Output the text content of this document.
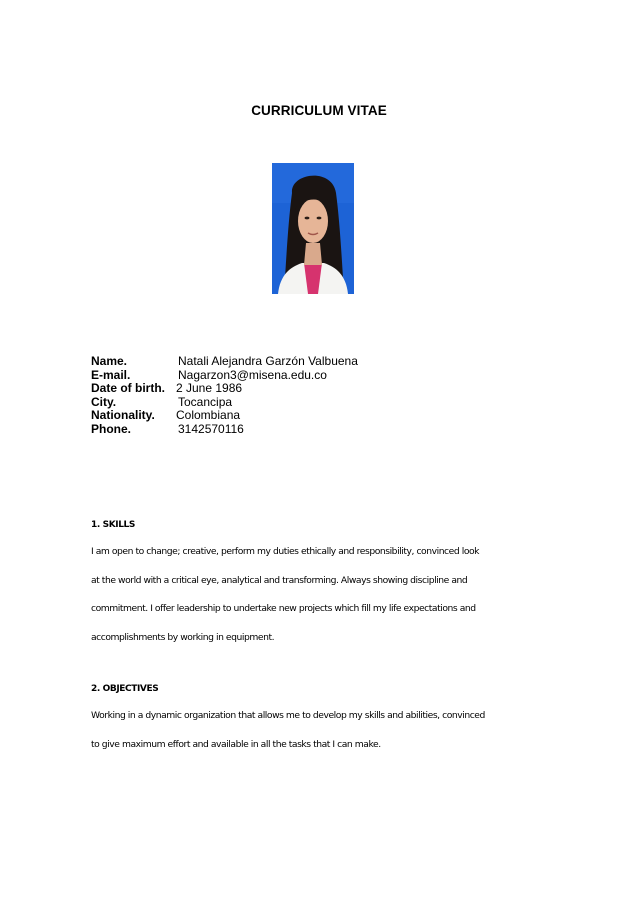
CURRICULUM VITAE
Name.	Natali Alejandra Garzón Valbuena
E-mail.	Nagarzon3@misena.edu.co
Date of birth. 2 June 1986
City.	Tocancipa
Nationality.	Colombiana
Phone.	3142570116
1. SKILLS
I am open to change; creative, perform my duties ethically and responsibility, convinced look
at the world with a critical eye, analytical and transforming. Always showing discipline and
commitment. I offer leadership to undertake new projects which fill my life expectations and
accomplishments by working in equipment.
2. OBJECTIVES
Working in a dynamic organization that allows me to develop my skills and abilities, convinced
to give maximum effort and available in all the tasks that I can make.
